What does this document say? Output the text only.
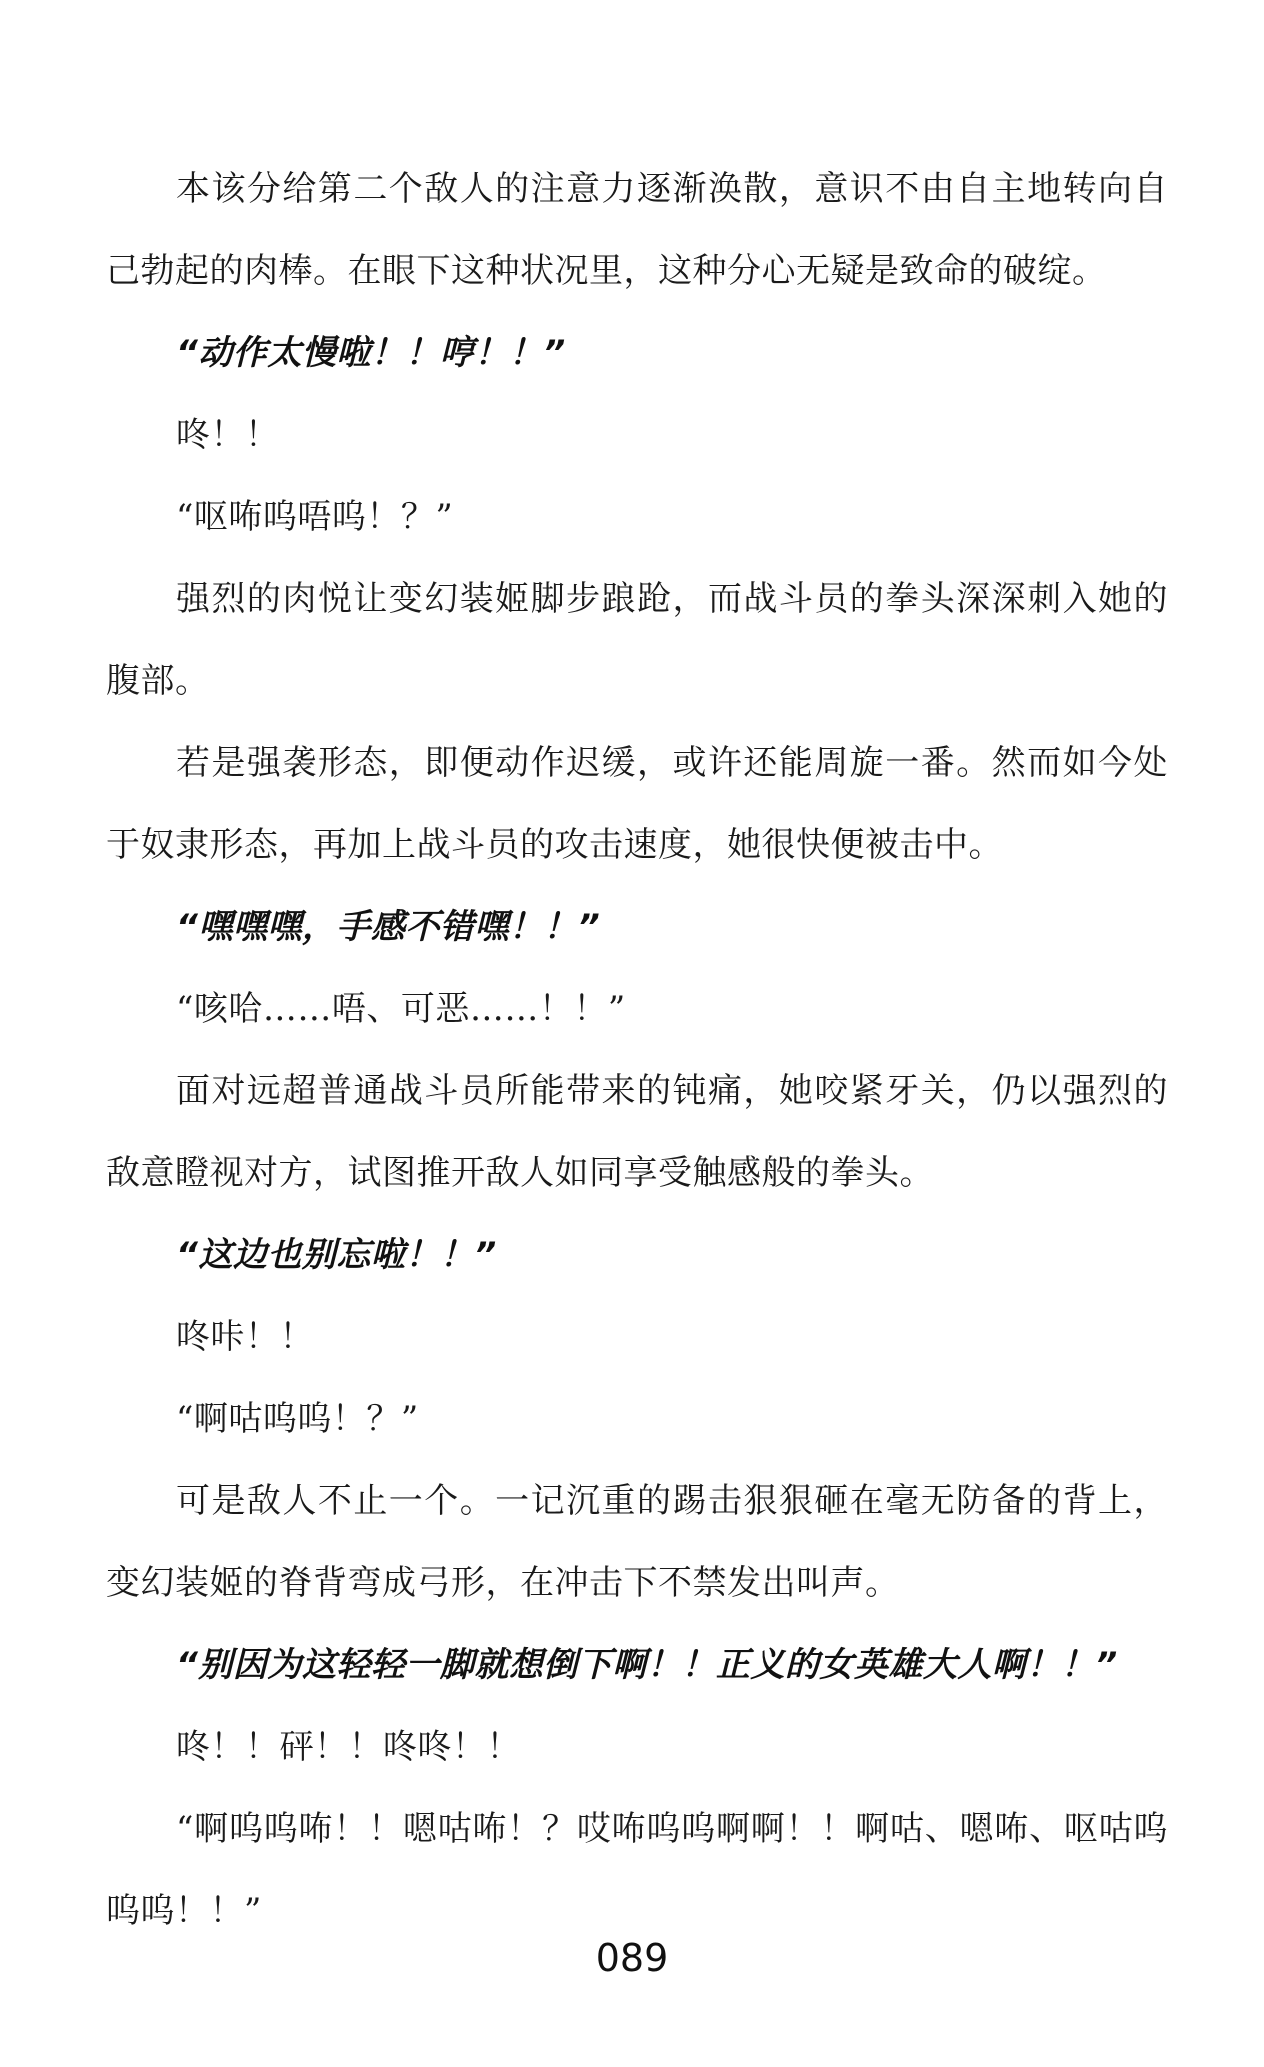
本该分给第二个敌人的注意力逐渐涣散，意识不由自主地转向自己勃起的肉棒。在眼下这种状况里，这种分心无疑是致命的破绽。

“动作太慢啦！！哼！！”

咚！！

“呕咘呜唔呜！？”

强烈的肉悦让变幻装姬脚步踉跄，而战斗员的拳头深深刺入她的腹部。

若是强袭形态，即便动作迟缓，或许还能周旋一番。然而如今处于奴隶形态，再加上战斗员的攻击速度，她很快便被击中。

“嘿嘿嘿，手感不错嘿！！”

“咳哈……唔、可恶……！！”

面对远超普通战斗员所能带来的钝痛，她咬紧牙关，仍以强烈的敌意瞪视对方，试图推开敌人如同享受触感般的拳头。

“这边也别忘啦！！”

咚咔！！

“啊咕呜呜！？”

可是敌人不止一个。一记沉重的踢击狠狠砸在毫无防备的背上，变幻装姬的脊背弯成弓形，在冲击下不禁发出叫声。

“别因为这轻轻一脚就想倒下啊！！正义的女英雄大人啊！！”

咚！！砰！！咚咚！！

“啊呜呜咘！！嗯咕咘！？哎咘呜呜啊啊！！啊咕、嗯咘、呕咕呜呜呜！！”

089
